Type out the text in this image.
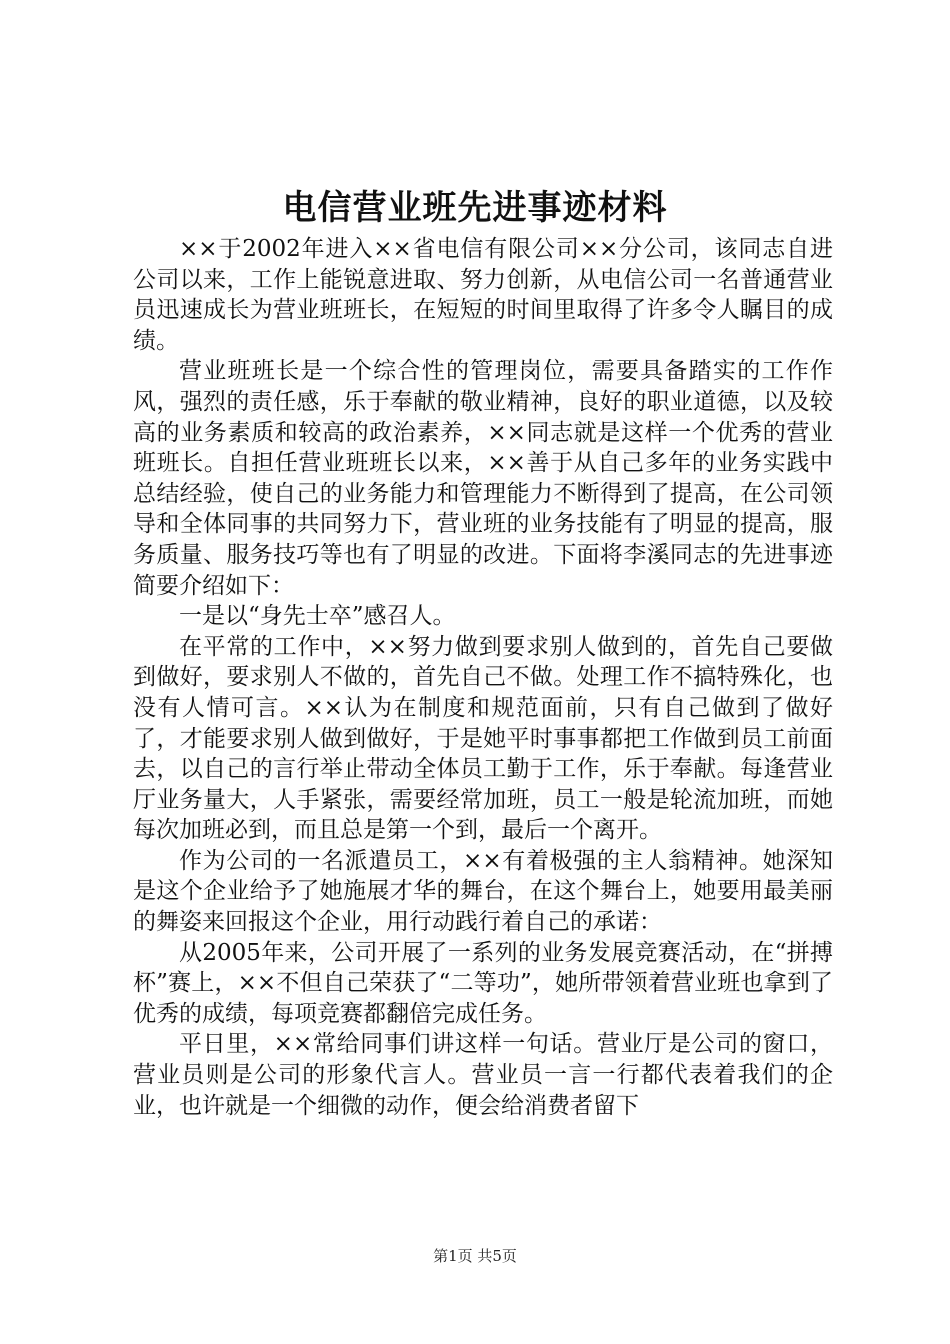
电信营业班先进事迹材料

××于2002年进入××省电信有限公司××分公司，该同志自进公司以来，工作上能锐意进取、努力创新，从电信公司一名普通营业员迅速成长为营业班班长，在短短的时间里取得了许多令人瞩目的成绩。

营业班班长是一个综合性的管理岗位，需要具备踏实的工作作风，强烈的责任感，乐于奉献的敬业精神，良好的职业道德，以及较高的业务素质和较高的政治素养，××同志就是这样一个优秀的营业班班长。自担任营业班班长以来，××善于从自己多年的业务实践中总结经验，使自己的业务能力和管理能力不断得到了提高，在公司领导和全体同事的共同努力下，营业班的业务技能有了明显的提高，服务质量、服务技巧等也有了明显的改进。下面将李溪同志的先进事迹简要介绍如下：

一是以“身先士卒”感召人。

在平常的工作中，××努力做到要求别人做到的，首先自己要做到做好，要求别人不做的，首先自己不做。处理工作不搞特殊化，也没有人情可言。××认为在制度和规范面前，只有自己做到了做好了，才能要求别人做到做好，于是她平时事事都把工作做到员工前面去，以自己的言行举止带动全体员工勤于工作，乐于奉献。每逢营业厅业务量大，人手紧张，需要经常加班，员工一般是轮流加班，而她每次加班必到，而且总是第一个到，最后一个离开。

作为公司的一名派遣员工，××有着极强的主人翁精神。她深知是这个企业给予了她施展才华的舞台，在这个舞台上，她要用最美丽的舞姿来回报这个企业，用行动践行着自己的承诺：

从2005年来，公司开展了一系列的业务发展竞赛活动，在“拼搏杯”赛上，××不但自己荣获了“二等功”，她所带领着营业班也拿到了优秀的成绩，每项竞赛都翻倍完成任务。

平日里，××常给同事们讲这样一句话。营业厅是公司的窗口，营业员则是公司的形象代言人。营业员一言一行都代表着我们的企业，也许就是一个细微的动作，便会给消费者留下

第1页 共5页
